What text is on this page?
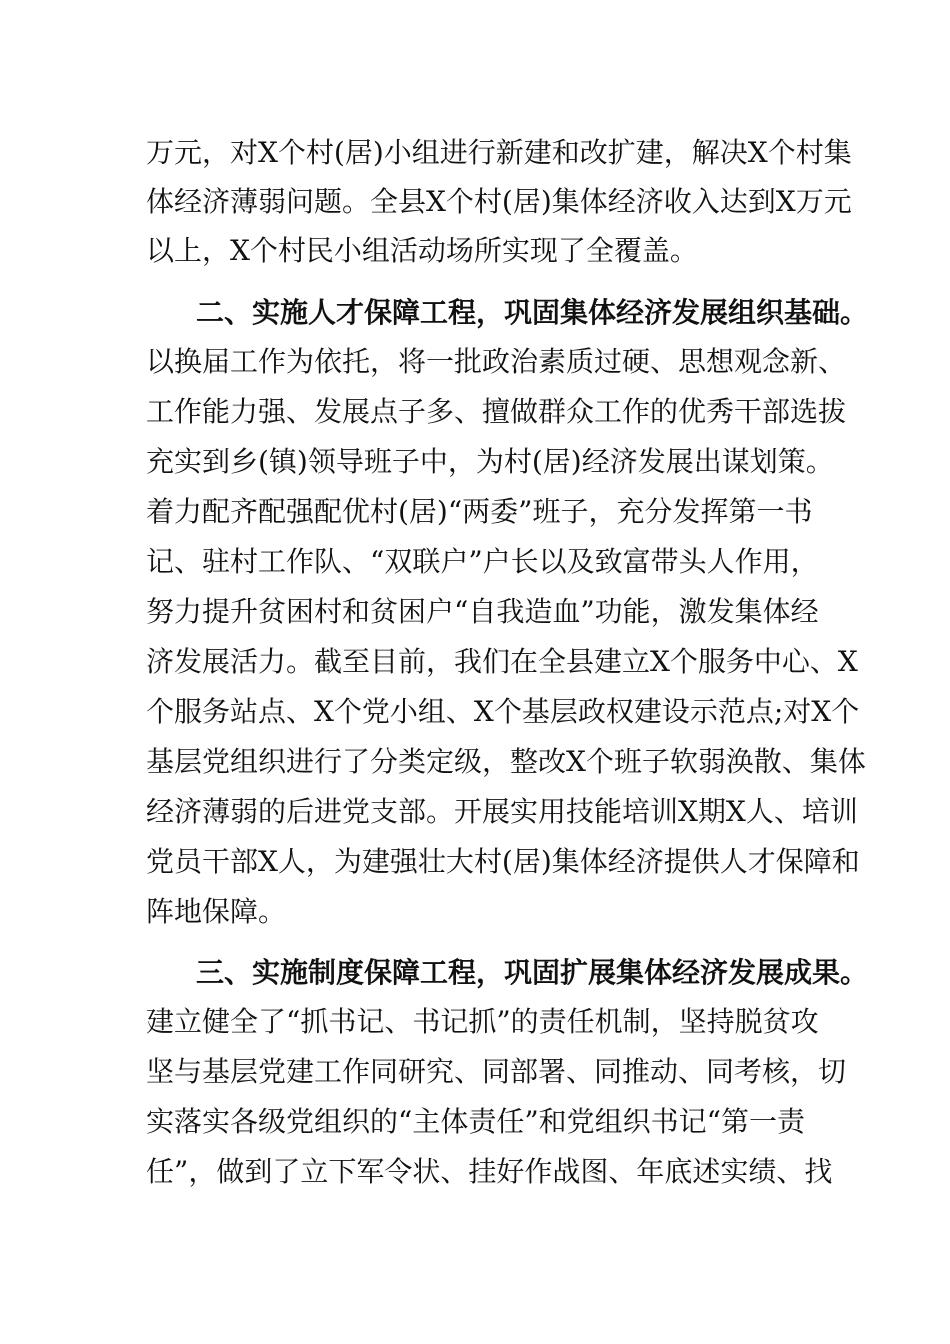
万元，对X个村(居)小组进行新建和改扩建，解决X个村集
体经济薄弱问题。全县X个村(居)集体经济收入达到X万元
以上，X个村民小组活动场所实现了全覆盖。
二、实施人才保障工程，巩固集体经济发展组织基础。
以换届工作为依托，将一批政治素质过硬、思想观念新、
工作能力强、发展点子多、擅做群众工作的优秀干部选拔
充实到乡(镇)领导班子中，为村(居)经济发展出谋划策。
着力配齐配强配优村(居)“两委”班子，充分发挥第一书
记、驻村工作队、“双联户”户长以及致富带头人作用，
努力提升贫困村和贫困户“自我造血”功能，激发集体经
济发展活力。截至目前，我们在全县建立X个服务中心、X
个服务站点、X个党小组、X个基层政权建设示范点;对X个
基层党组织进行了分类定级，整改X个班子软弱涣散、集体
经济薄弱的后进党支部。开展实用技能培训X期X人、培训
党员干部X人，为建强壮大村(居)集体经济提供人才保障和
阵地保障。
三、实施制度保障工程，巩固扩展集体经济发展成果。
建立健全了“抓书记、书记抓”的责任机制，坚持脱贫攻
坚与基层党建工作同研究、同部署、同推动、同考核，切
实落实各级党组织的“主体责任”和党组织书记“第一责
任”，做到了立下军令状、挂好作战图、年底述实绩、找
